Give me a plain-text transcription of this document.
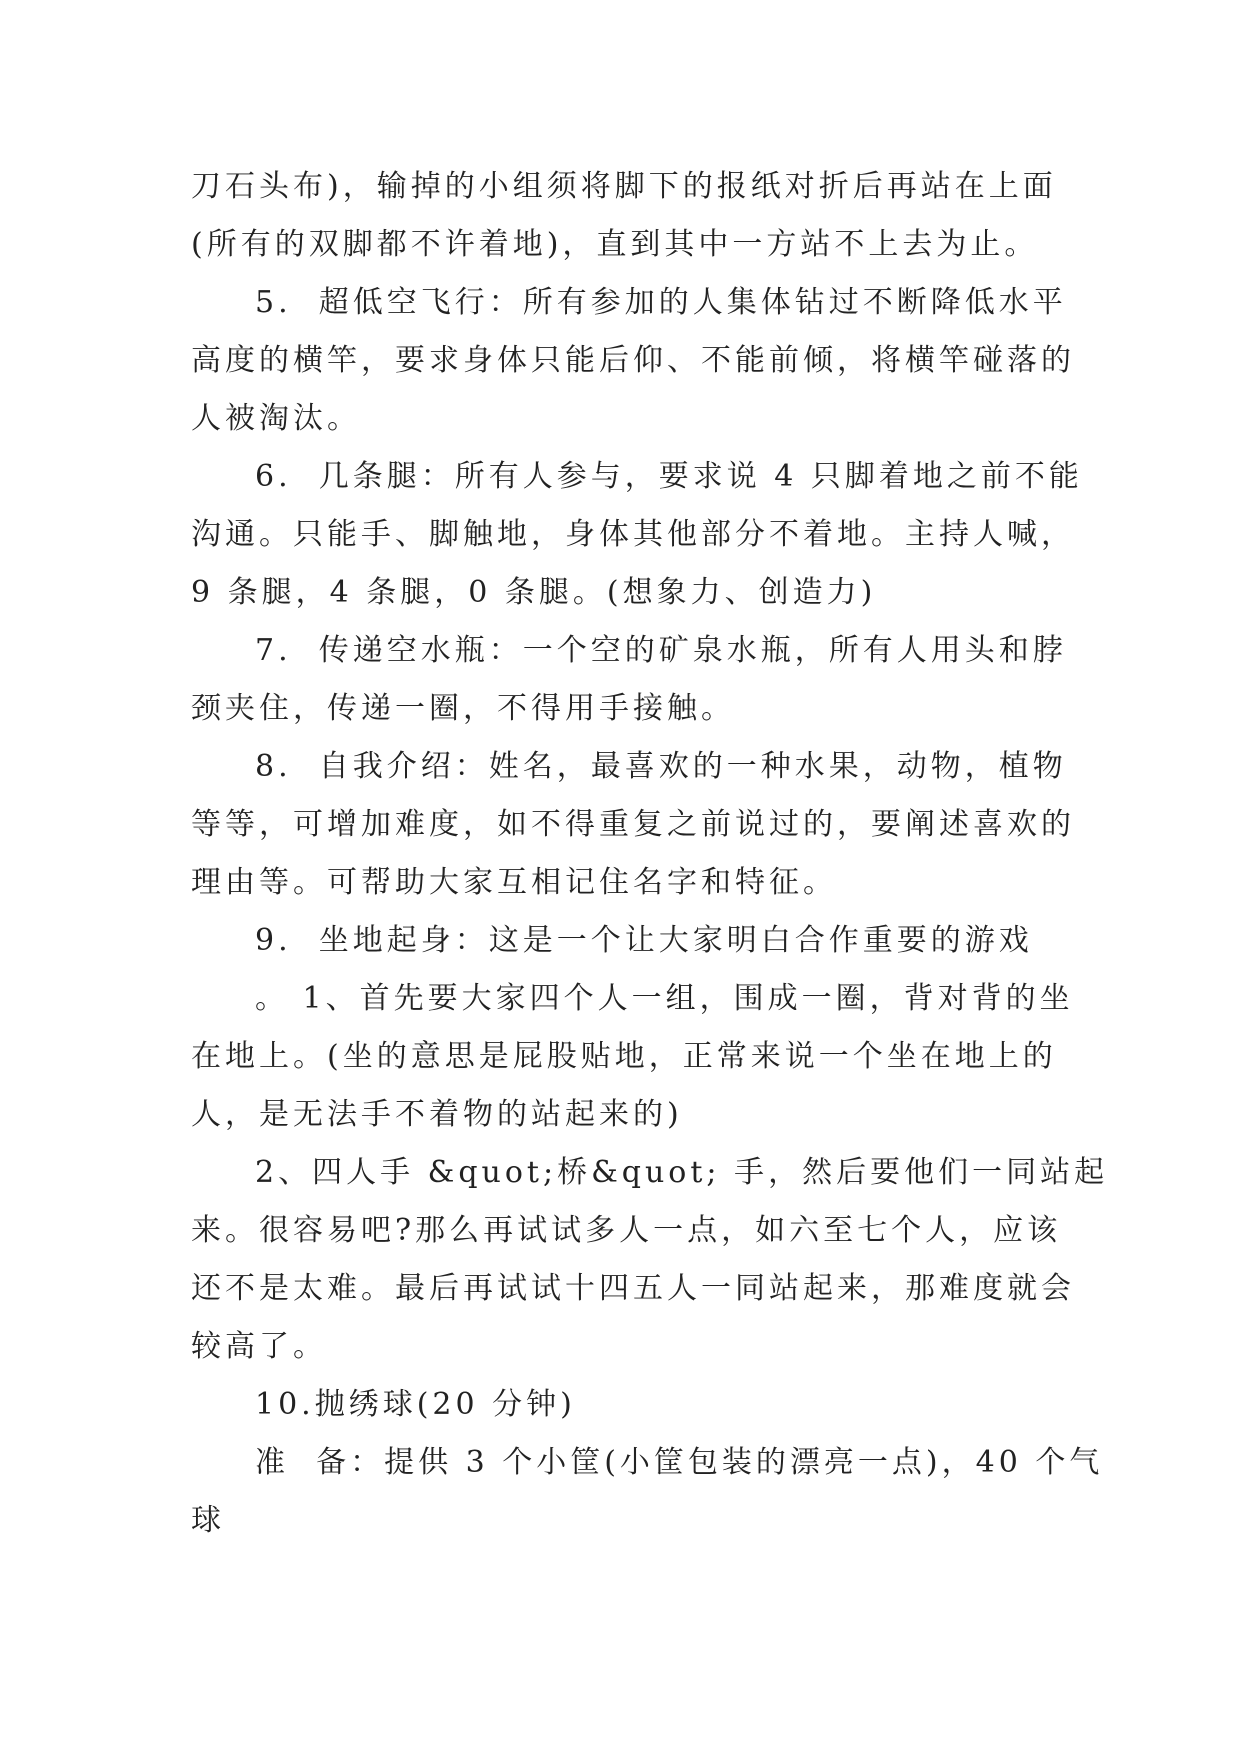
刀石头布)，输掉的小组须将脚下的报纸对折后再站在上面
(所有的双脚都不许着地)，直到其中一方站不上去为止。
5.  超低空飞行：所有参加的人集体钻过不断降低水平
高度的横竿，要求身体只能后仰、不能前倾，将横竿碰落的
人被淘汰。
6.  几条腿：所有人参与，要求说 4 只脚着地之前不能
沟通。只能手、脚触地，身体其他部分不着地。主持人喊，
9 条腿，4 条腿，0 条腿。(想象力、创造力)
7.  传递空水瓶：一个空的矿泉水瓶，所有人用头和脖
颈夹住，传递一圈，不得用手接触。
8.  自我介绍：姓名，最喜欢的一种水果，动物，植物
等等，可增加难度，如不得重复之前说过的，要阐述喜欢的
理由等。可帮助大家互相记住名字和特征。
9.  坐地起身：这是一个让大家明白合作重要的游戏
。 1、首先要大家四个人一组，围成一圈，背对背的坐
在地上。(坐的意思是屁股贴地，正常来说一个坐在地上的
人，是无法手不着物的站起来的)
2、四人手 &quot;桥&quot; 手，然后要他们一同站起
来。很容易吧?那么再试试多人一点，如六至七个人，应该
还不是太难。最后再试试十四五人一同站起来，那难度就会
较高了。
10.抛绣球(20 分钟)
准  备：提供 3 个小筐(小筐包装的漂亮一点)，40 个气
球
